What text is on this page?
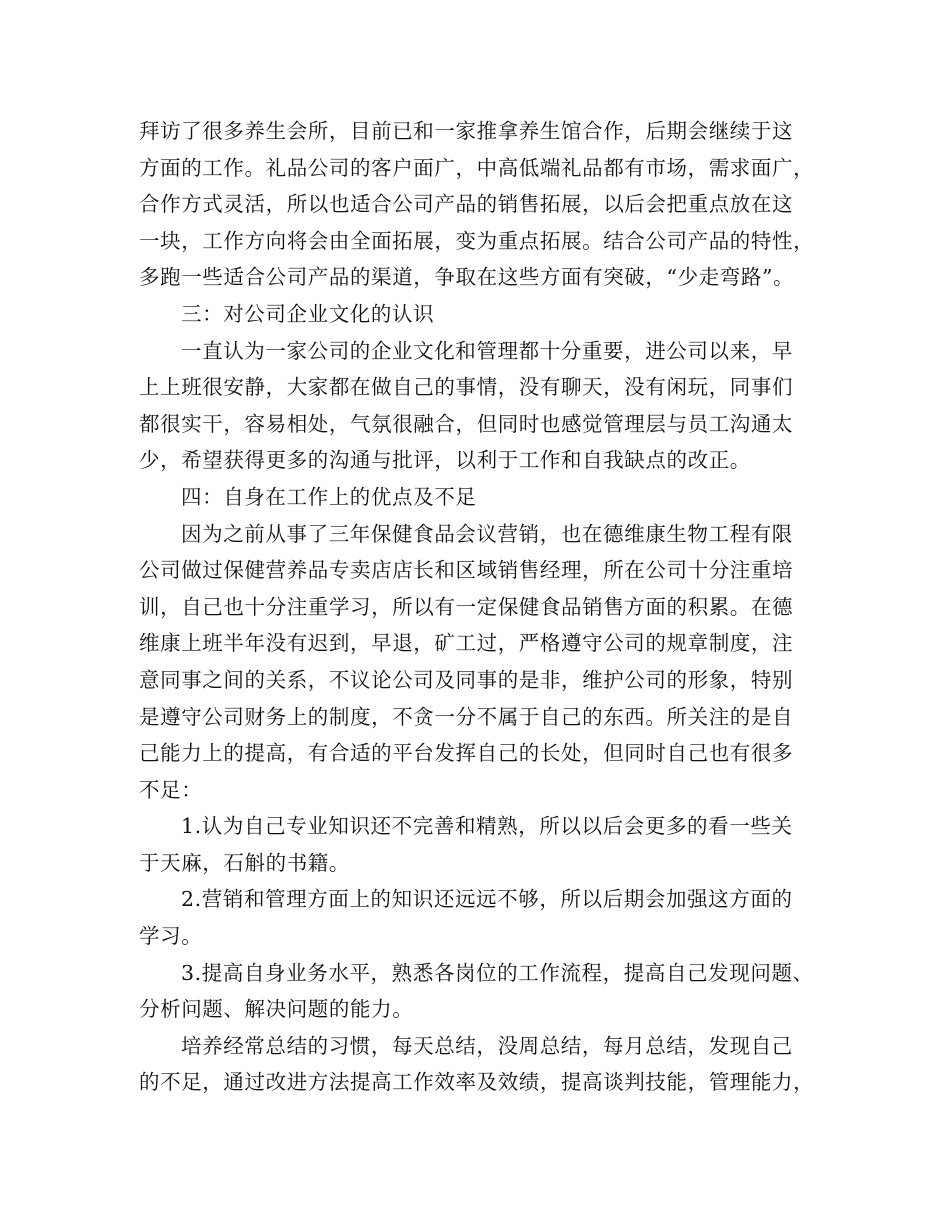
拜访了很多养生会所，目前已和一家推拿养生馆合作，后期会继续于这
方面的工作。礼品公司的客户面广，中高低端礼品都有市场，需求面广，
合作方式灵活，所以也适合公司产品的销售拓展，以后会把重点放在这
一块，工作方向将会由全面拓展，变为重点拓展。结合公司产品的特性，
多跑一些适合公司产品的渠道，争取在这些方面有突破，“少走弯路”。
三：对公司企业文化的认识
一直认为一家公司的企业文化和管理都十分重要，进公司以来，早
上上班很安静，大家都在做自己的事情，没有聊天，没有闲玩，同事们
都很实干，容易相处，气氛很融合，但同时也感觉管理层与员工沟通太
少，希望获得更多的沟通与批评，以利于工作和自我缺点的改正。
四：自身在工作上的优点及不足
因为之前从事了三年保健食品会议营销，也在德维康生物工程有限
公司做过保健营养品专卖店店长和区域销售经理，所在公司十分注重培
训，自己也十分注重学习，所以有一定保健食品销售方面的积累。在德
维康上班半年没有迟到，早退，矿工过，严格遵守公司的规章制度，注
意同事之间的关系，不议论公司及同事的是非，维护公司的形象，特别
是遵守公司财务上的制度，不贪一分不属于自己的东西。所关注的是自
己能力上的提高，有合适的平台发挥自己的长处，但同时自己也有很多
不足：
1.认为自己专业知识还不完善和精熟，所以以后会更多的看一些关
于天麻，石斛的书籍。
2.营销和管理方面上的知识还远远不够，所以后期会加强这方面的
学习。
3.提高自身业务水平，熟悉各岗位的工作流程，提高自己发现问题、
分析问题、解决问题的能力。
培养经常总结的习惯，每天总结，没周总结，每月总结，发现自己
的不足，通过改进方法提高工作效率及效绩，提高谈判技能，管理能力，
